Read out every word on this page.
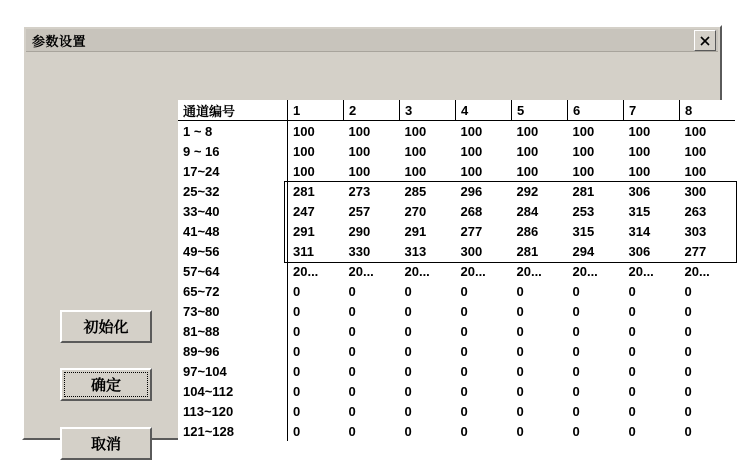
参数设置
初始化
确定
取消
通道编号	1	2	3	4	5	6	7	8
1 ~ 8	100	100	100	100	100	100	100	100
9 ~ 16	100	100	100	100	100	100	100	100
17~24	100	100	100	100	100	100	100	100
25~32	281	273	285	296	292	281	306	300
33~40	247	257	270	268	284	253	315	263
41~48	291	290	291	277	286	315	314	303
49~56	311	330	313	300	281	294	306	277
57~64	20...	20...	20...	20...	20...	20...	20...	20...
65~72	0	0	0	0	0	0	0	0
73~80	0	0	0	0	0	0	0	0
81~88	0	0	0	0	0	0	0	0
89~96	0	0	0	0	0	0	0	0
97~104	0	0	0	0	0	0	0	0
104~112	0	0	0	0	0	0	0	0
113~120	0	0	0	0	0	0	0	0
121~128	0	0	0	0	0	0	0	0
